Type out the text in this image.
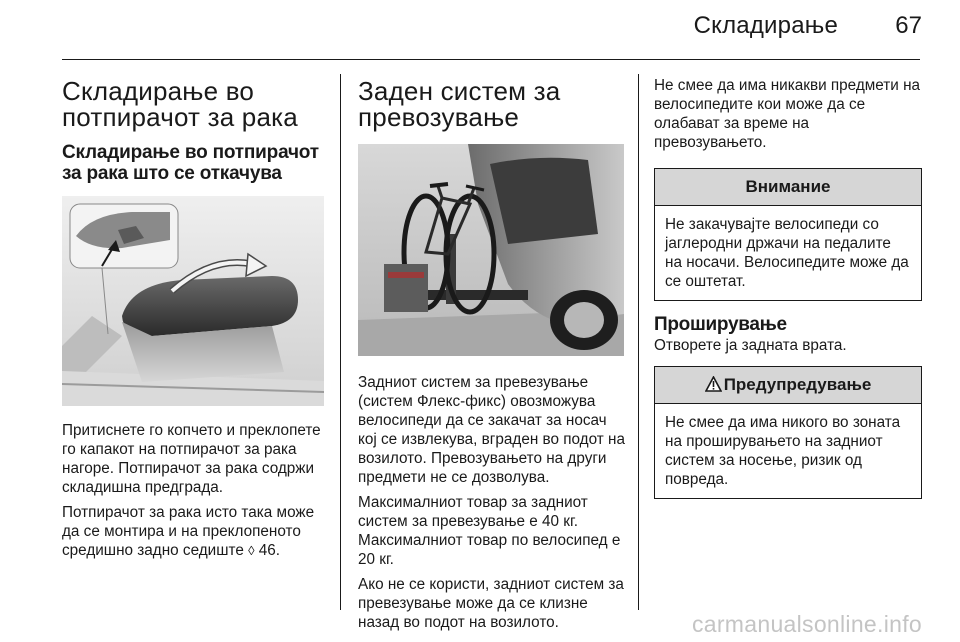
Складирање	67
Складирање во потпирачот за рака
Складирање во потпирачот за рака што се откачува

Притиснете го копчето и преклопете го капакот на потпирачот за рака нагоре. Потпирачот за рака содржи складишна предграда.

Потпирачот за рака исто така може да се монтира и на преклопеното средишно задно седиште ◊ 46.

Заден систем за превозување

Задниот систем за превезување (систем Флекс-фикс) овозможува велосипеди да се закачат за носач кој се извлекува, вграден во подот на возилото. Превозувањето на други предмети не се дозволува.

Максималниот товар за задниот систем за превезување е 40 кг. Максималниот товар по велосипед е 20 кг.

Ако не се користи, задниот систем за превезување може да се клизне назад во подот на возилото.

Не смее да има никакви предмети на велосипедите кои може да се олабават за време на превозувањето.

Внимание

Не закачувајте велосипеди со јаглеродни држачи на педалите на носачи. Велосипедите може да се оштетат.

Проширување

Отворете ја задната врата.

Предупредување

Не смее да има никого во зоната на проширувањето на задниот систем за носење, ризик од повреда.

carmanualsonline.info
